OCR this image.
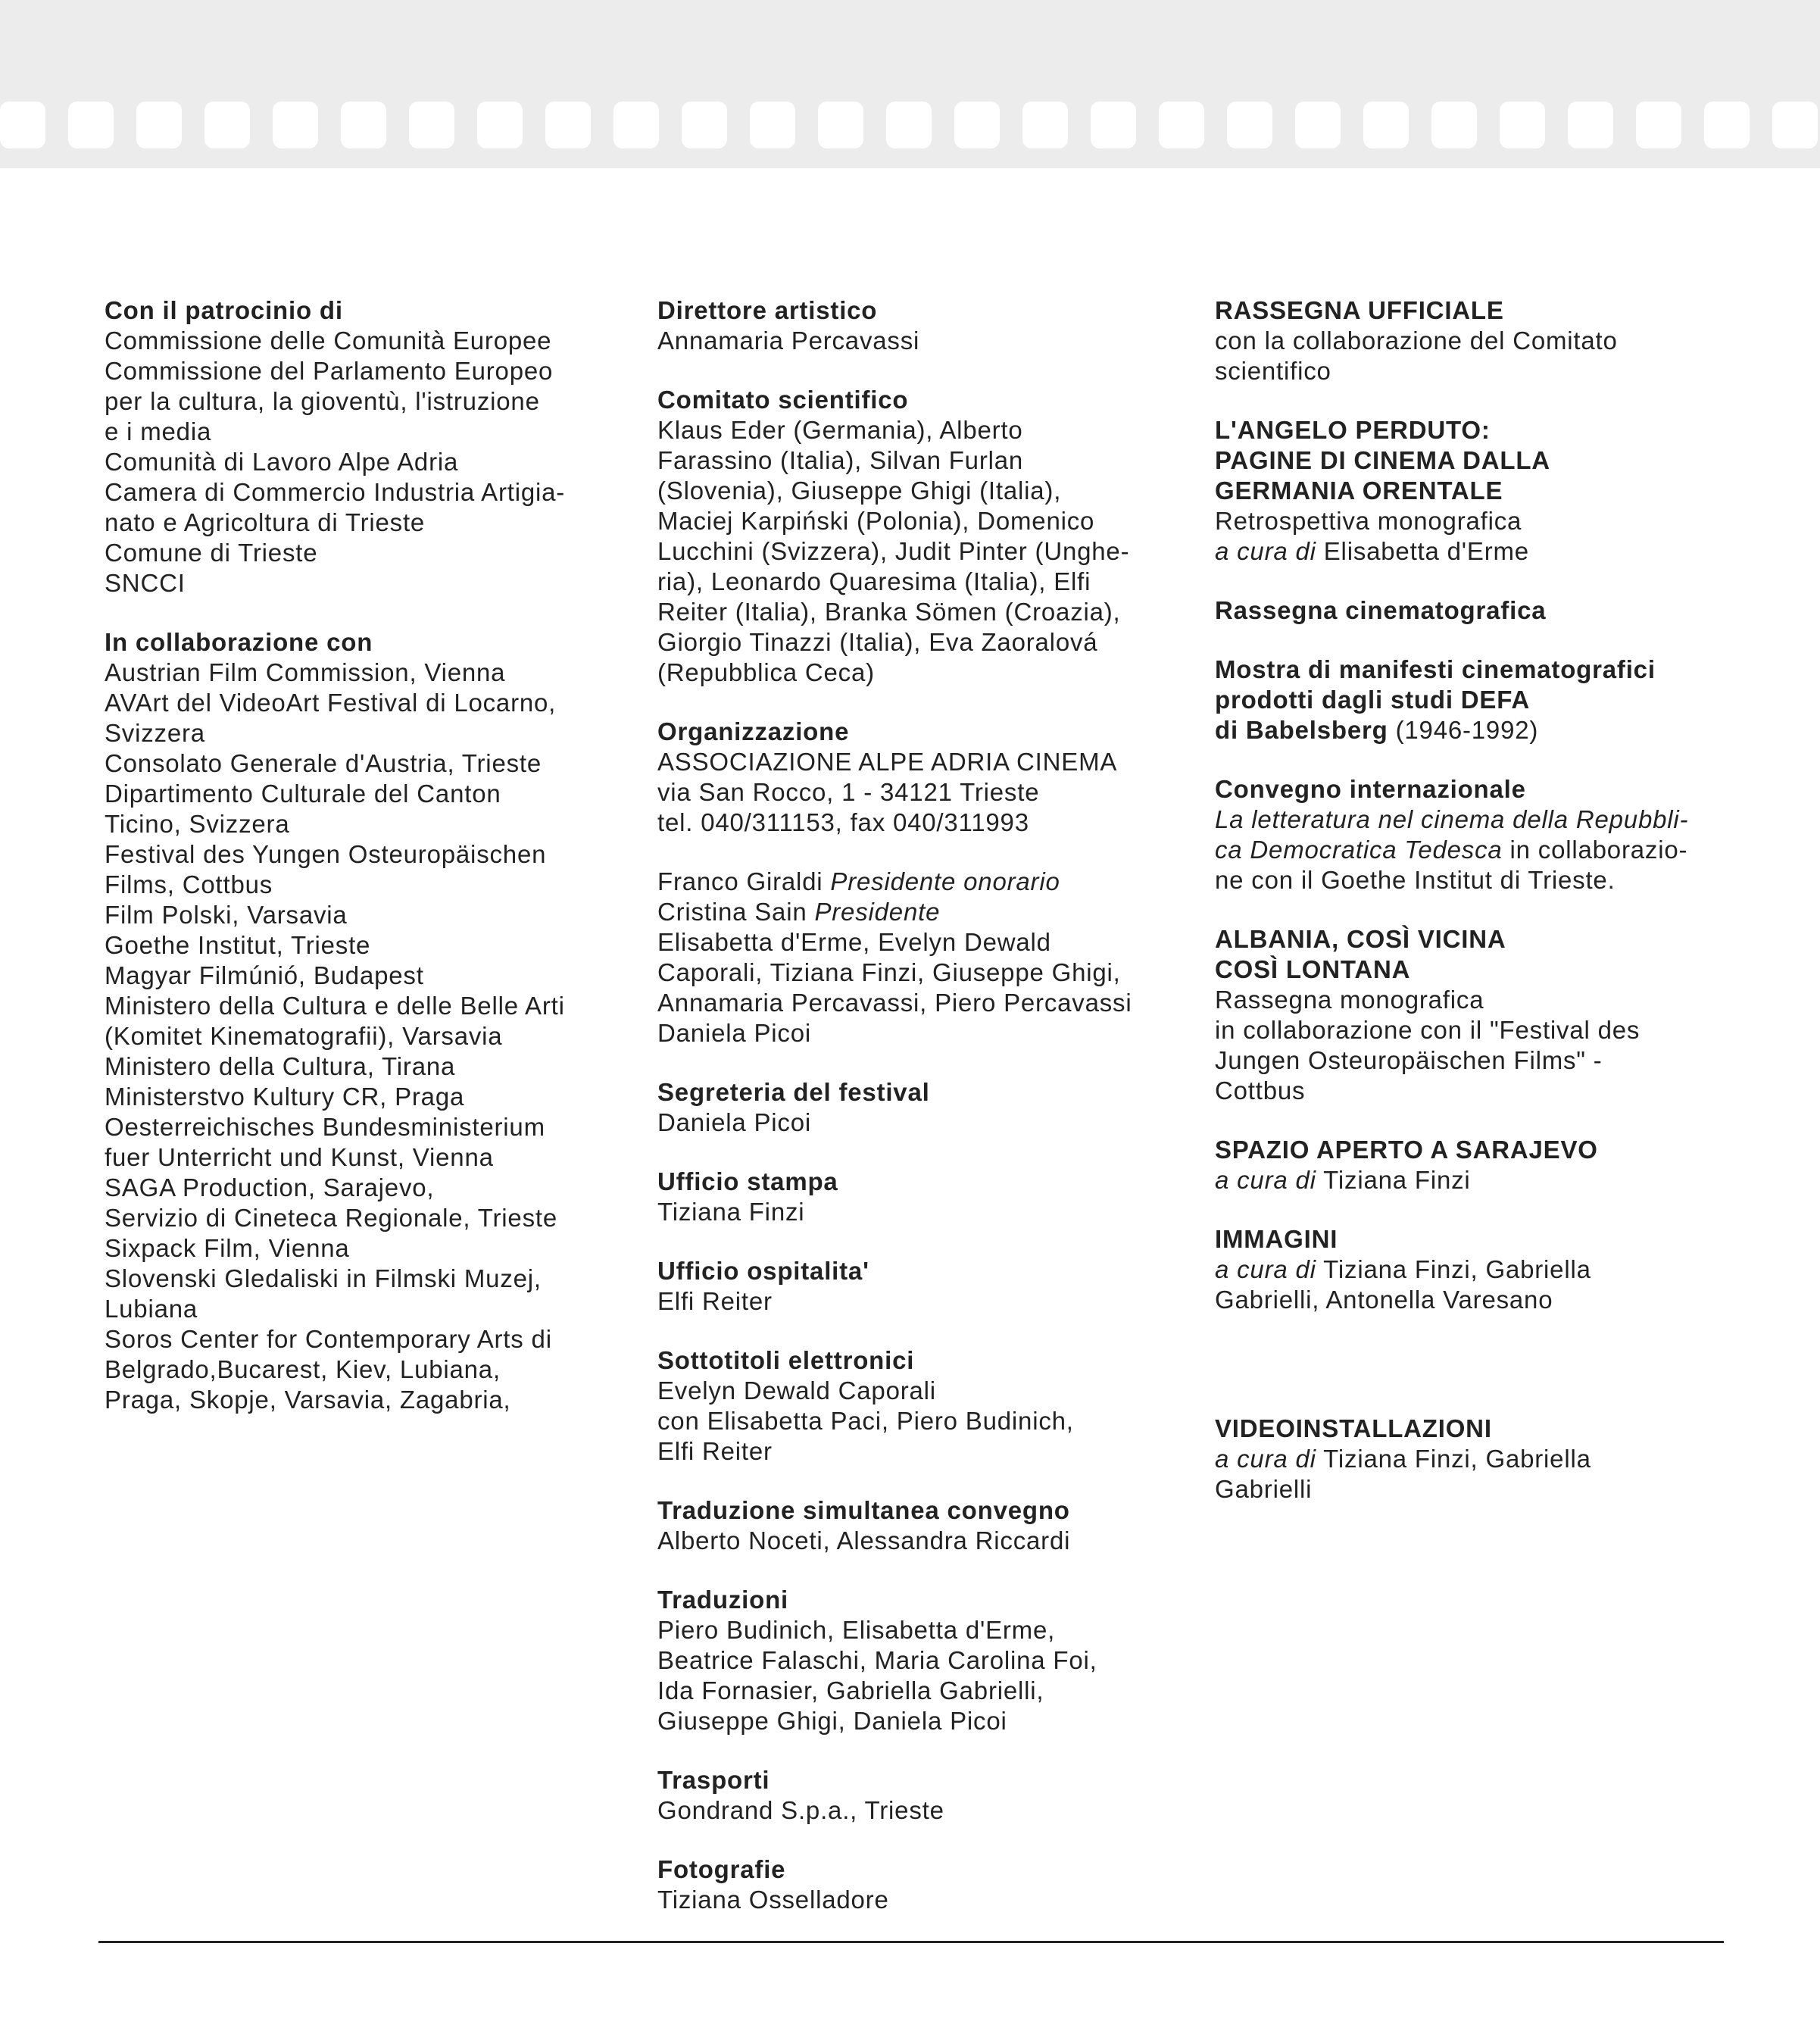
Con il patrocinio di
Commissione delle Comunità Europee
Commissione del Parlamento Europeo
per la cultura, la gioventù, l'istruzione
e i media
Comunità di Lavoro Alpe Adria
Camera di Commercio Industria Artigia-
nato e Agricoltura di Trieste
Comune di Trieste
SNCCI
In collaborazione con
Austrian Film Commission, Vienna
AVArt del VideoArt Festival di Locarno,
Svizzera
Consolato Generale d'Austria, Trieste
Dipartimento Culturale del Canton
Ticino, Svizzera
Festival des Yungen Osteuropäischen
Films, Cottbus
Film Polski, Varsavia
Goethe Institut, Trieste
Magyar Filmúnió, Budapest
Ministero della Cultura e delle Belle Arti
(Komitet Kinematografii), Varsavia
Ministero della Cultura, Tirana
Ministerstvo Kultury CR, Praga
Oesterreichisches Bundesministerium
fuer Unterricht und Kunst, Vienna
SAGA Production, Sarajevo,
Servizio di Cineteca Regionale, Trieste
Sixpack Film, Vienna
Slovenski Gledaliski in Filmski Muzej,
Lubiana
Soros Center for Contemporary Arts di
Belgrado,Bucarest, Kiev, Lubiana,
Praga, Skopje, Varsavia, Zagabria,
Direttore artistico
Annamaria Percavassi
Comitato scientifico
Klaus Eder (Germania), Alberto
Farassino (Italia), Silvan Furlan
(Slovenia), Giuseppe Ghigi (Italia),
Maciej Karpiński (Polonia), Domenico
Lucchini (Svizzera), Judit Pinter (Unghe-
ria), Leonardo Quaresima (Italia), Elfi
Reiter (Italia), Branka Sömen (Croazia),
Giorgio Tinazzi (Italia), Eva Zaoralová
(Repubblica Ceca)
Organizzazione
ASSOCIAZIONE ALPE ADRIA CINEMA
via San Rocco, 1 - 34121 Trieste
tel. 040/311153, fax 040/311993
Franco Giraldi Presidente onorario
Cristina Sain Presidente
Elisabetta d'Erme, Evelyn Dewald
Caporali, Tiziana Finzi, Giuseppe Ghigi,
Annamaria Percavassi, Piero Percavassi
Daniela Picoi
Segreteria del festival
Daniela Picoi
Ufficio stampa
Tiziana Finzi
Ufficio ospitalita'
Elfi Reiter
Sottotitoli elettronici
Evelyn Dewald Caporali
con Elisabetta Paci, Piero Budinich,
Elfi Reiter
Traduzione simultanea convegno
Alberto Noceti, Alessandra Riccardi
Traduzioni
Piero Budinich, Elisabetta d'Erme,
Beatrice Falaschi, Maria Carolina Foi,
Ida Fornasier, Gabriella Gabrielli,
Giuseppe Ghigi, Daniela Picoi
Trasporti
Gondrand S.p.a., Trieste
Fotografie
Tiziana Osselladore
RASSEGNA UFFICIALE
con la collaborazione del Comitato
scientifico
L'ANGELO PERDUTO:
PAGINE DI CINEMA DALLA
GERMANIA ORENTALE
Retrospettiva monografica
a cura di Elisabetta d'Erme
Rassegna cinematografica
Mostra di manifesti cinematografici
prodotti dagli studi DEFA
di Babelsberg (1946-1992)
Convegno internazionale
La letteratura nel cinema della Repubbli-
ca Democratica Tedesca in collaborazio-
ne con il Goethe Institut di Trieste.
ALBANIA, COSÌ VICINA
COSÌ LONTANA
Rassegna monografica
in collaborazione con il "Festival des
Jungen Osteuropäischen Films" -
Cottbus
SPAZIO APERTO A SARAJEVO
a cura di Tiziana Finzi
IMMAGINI
a cura di Tiziana Finzi, Gabriella
Gabrielli, Antonella Varesano
VIDEOINSTALLAZIONI
a cura di Tiziana Finzi, Gabriella
Gabrielli
